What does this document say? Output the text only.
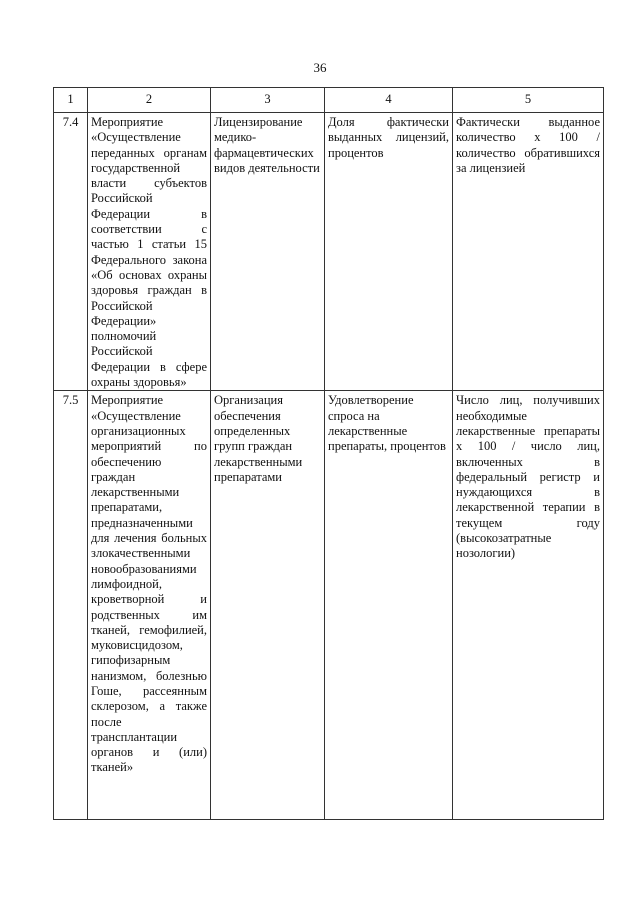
36
1	2	3	4	5
7.4	Мероприятие «Осуществление переданных органам государственной власти субъектов Российской Федерации в соответствии с частью 1 статьи 15 Федерального закона «Об основах охраны здоровья граждан в Российской Федерации» полномочий Российской Федерации в сфере охраны здоровья»	Лицензирование медико-фармацевтических видов деятельности	Доля фактически выданных лицензий, процентов	Фактически выданное количество x 100 / количество обратившихся за лицензией
7.5	Мероприятие «Осуществление организационных мероприятий по обеспечению граждан лекарственными препаратами, предназначенными для лечения больных злокачественными новообразованиями лимфоидной, кроветворной и родственных им тканей, гемофилией, муковисцидозом, гипофизарным нанизмом, болезнью Гоше, рассеянным склерозом, а также после трансплантации органов и (или) тканей»	Организация обеспечения определенных групп граждан лекарственными препаратами	Удовлетворение спроса на лекарственные препараты, процентов	Число лиц, получивших необходимые лекарственные препараты x 100 / число лиц, включенных в федеральный регистр и нуждающихся в лекарственной терапии в текущем году (высокозатратные нозологии)
